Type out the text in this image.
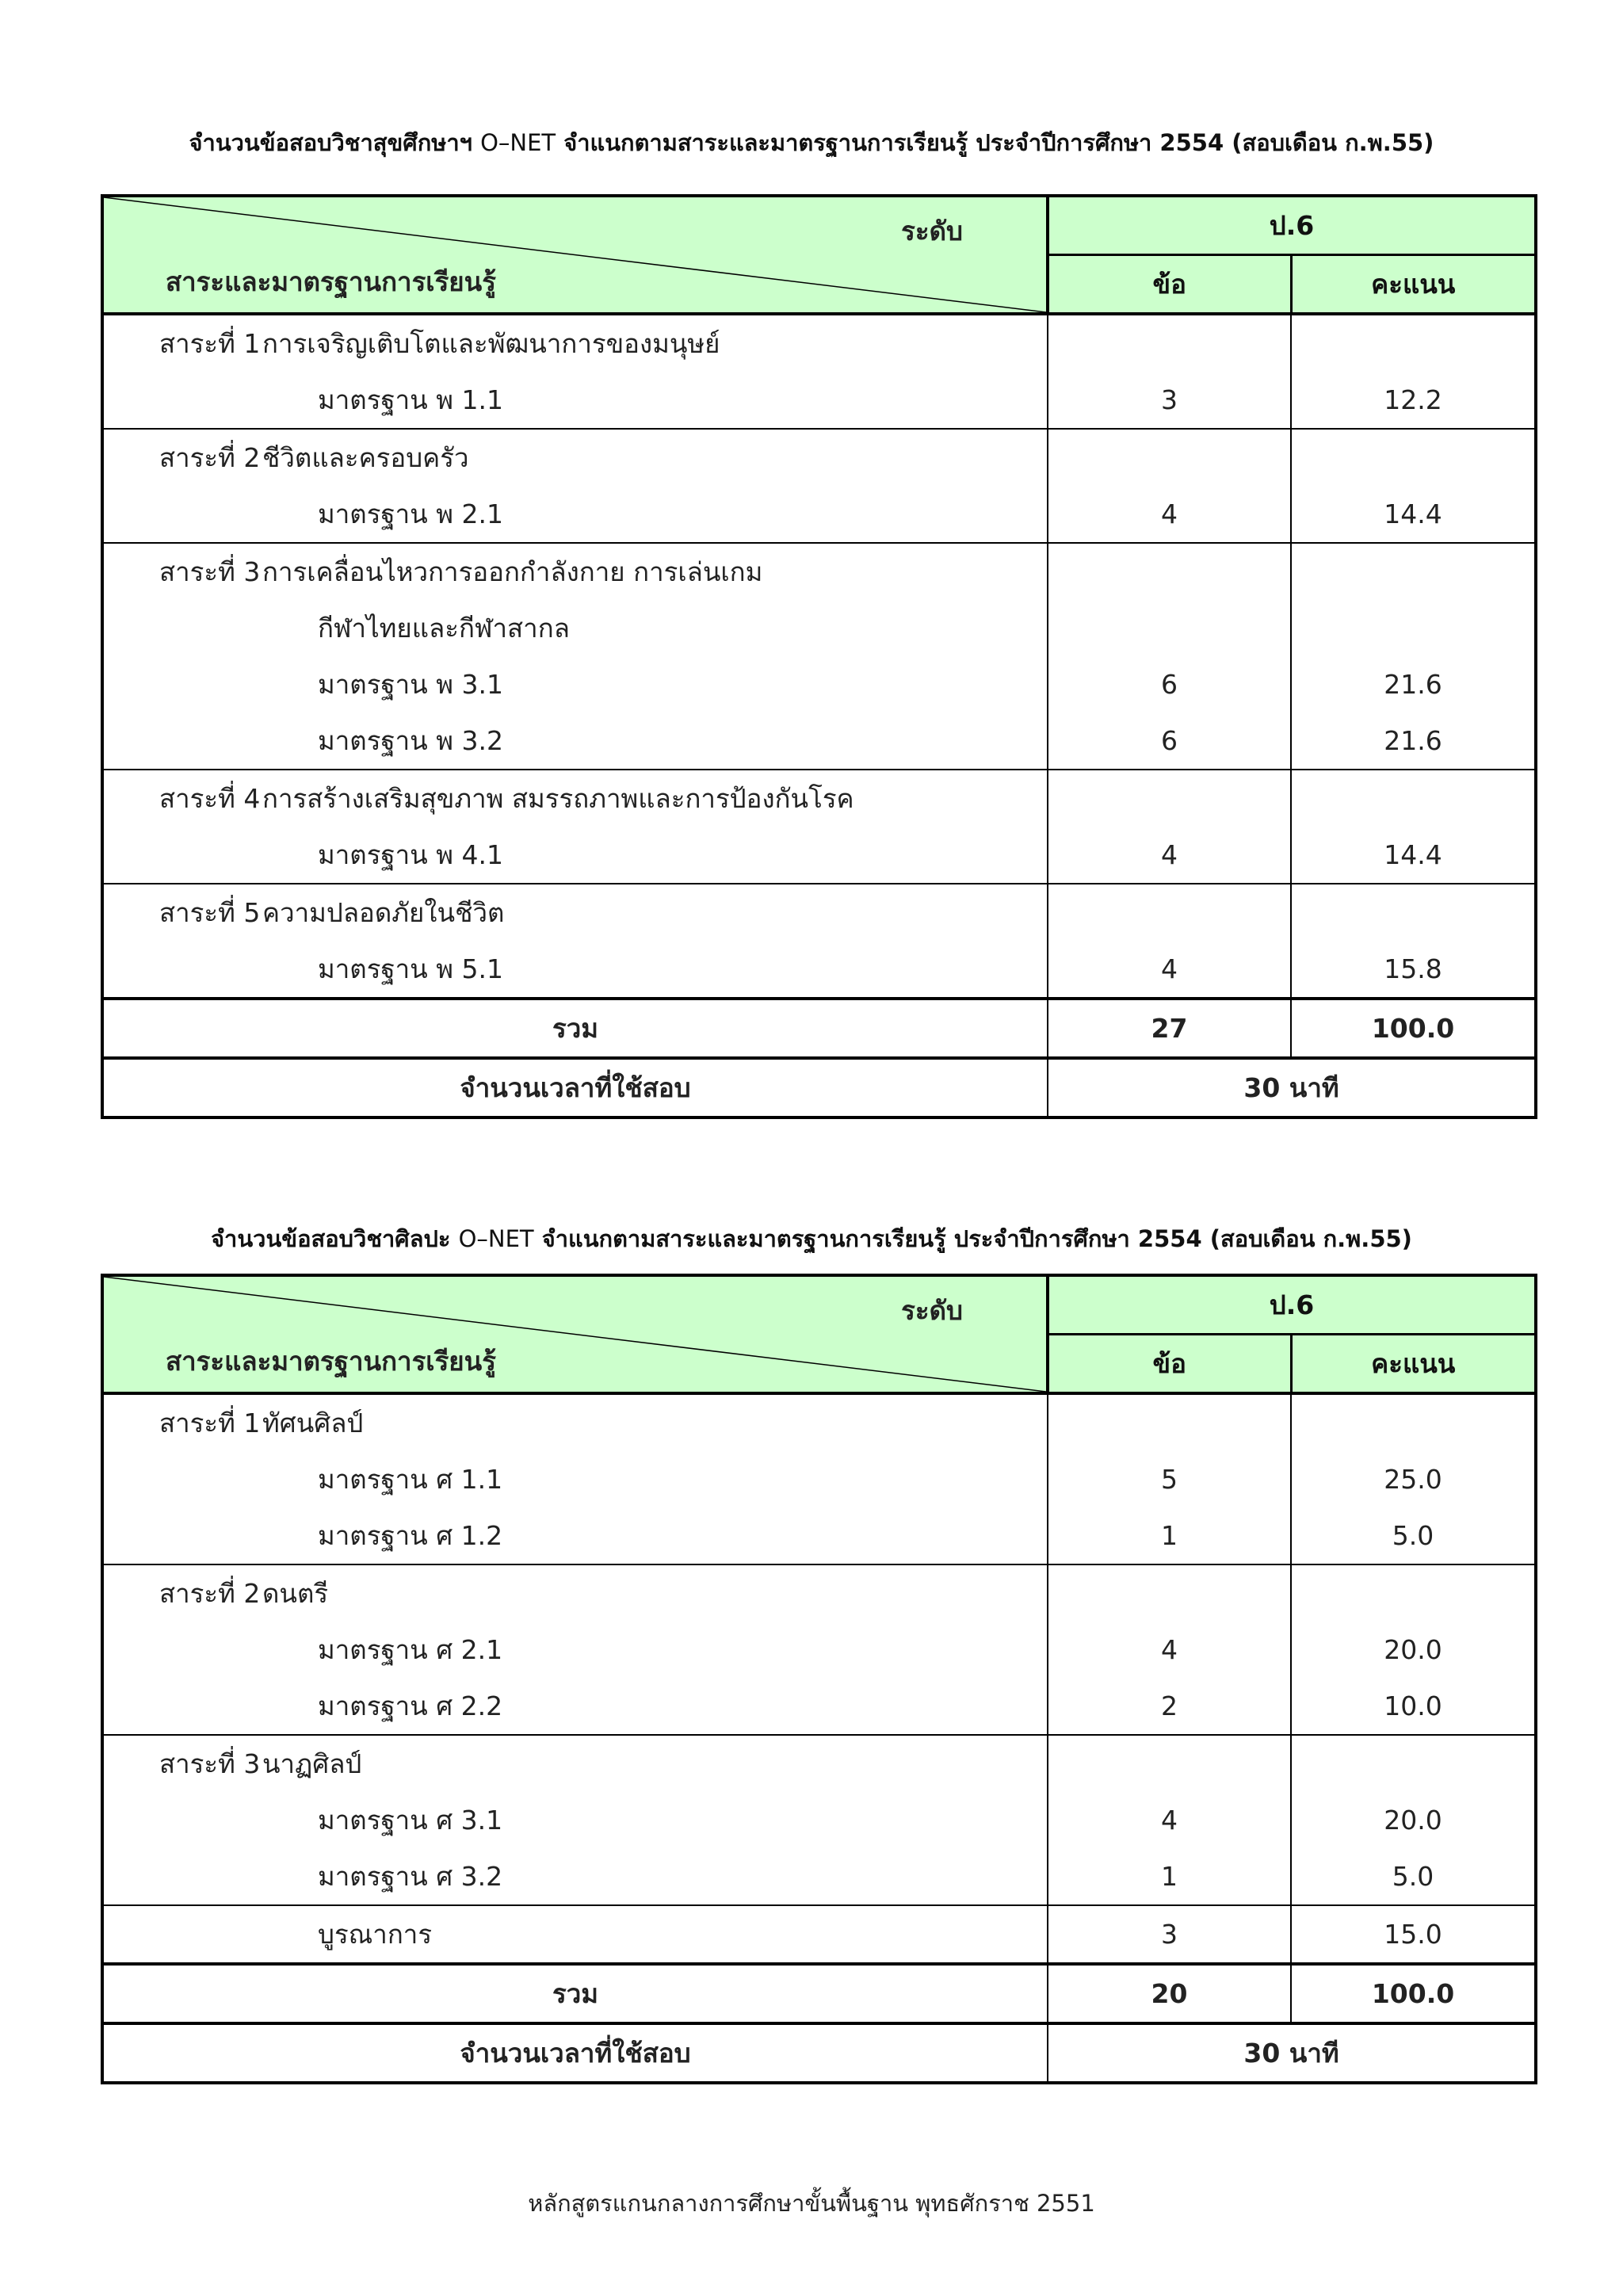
จำนวนข้อสอบวิชาสุขศึกษาฯ O–NET จำแนกตามสาระและมาตรฐานการเรียนรู้ ประจำปีการศึกษา 2554 (สอบเดือน ก.พ.55)
ระดับ
สาระและมาตรฐานการเรียนรู้	ป.6	
	ข้อ	คะแนน
สาระที่ 1การเจริญเติบโตและพัฒนาการของมนุษย์		
มาตรฐาน พ 1.1	3	12.2
สาระที่ 2ชีวิตและครอบครัว		
มาตรฐาน พ 2.1	4	14.4
สาระที่ 3การเคลื่อนไหวการออกกำลังกาย การเล่นเกม		
กีฬาไทยและกีฬาสากล		
มาตรฐาน พ 3.1	6	21.6
มาตรฐาน พ 3.2	6	21.6
สาระที่ 4การสร้างเสริมสุขภาพ สมรรถภาพและการป้องกันโรค		
มาตรฐาน พ 4.1	4	14.4
สาระที่ 5ความปลอดภัยในชีวิต		
มาตรฐาน พ 5.1	4	15.8
รวม	27	100.0
จำนวนเวลาที่ใช้สอบ	30 นาที	
จำนวนข้อสอบวิชาศิลปะ O–NET จำแนกตามสาระและมาตรฐานการเรียนรู้ ประจำปีการศึกษา 2554 (สอบเดือน ก.พ.55)
ระดับ
สาระและมาตรฐานการเรียนรู้	ป.6	
	ข้อ	คะแนน
สาระที่ 1ทัศนศิลป์		
มาตรฐาน ศ 1.1	5	25.0
มาตรฐาน ศ 1.2	1	5.0
สาระที่ 2ดนตรี		
มาตรฐาน ศ 2.1	4	20.0
มาตรฐาน ศ 2.2	2	10.0
สาระที่ 3นาฏศิลป์		
มาตรฐาน ศ 3.1	4	20.0
มาตรฐาน ศ 3.2	1	5.0
บูรณาการ	3	15.0
รวม	20	100.0
จำนวนเวลาที่ใช้สอบ	30 นาที	
หลักสูตรแกนกลางการศึกษาขั้นพื้นฐาน พุทธศักราช 2551
